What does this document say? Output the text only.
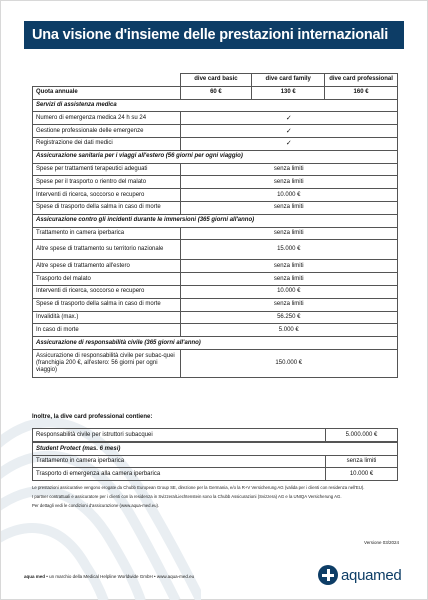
Una visione d'insieme delle prestazioni internazionali
	dive card basic	dive card family	dive card professional
Quota annuale	60 €	130 €	160 €
Servizi di assistenza medica			
Numero di emergenza medica 24 h su 24	✓		
Gestione professionale delle emergenze	✓		
Registrazione dei dati medici	✓		
Assicurazione sanitaria per i viaggi all'estero (56 giorni per ogni viaggio)			
Spese per trattamenti terapeutici adeguati	senza limiti		
Spese per il trasporto o rientro del malato	senza limiti		
Interventi di ricerca, soccorso e recupero	10.000 €		
Spese di trasporto della salma in caso di morte	senza limiti		
Assicurazione contro gli incidenti durante le immersioni (365 giorni all'anno)			
Trattamento in camera iperbarica	senza limiti		
Altre spese di trattamento su territorio nazionale	15.000 €		
Altre spese di trattamento all'estero	senza limiti		
Trasporto del malato	senza limiti		
Interventi di ricerca, soccorso e recupero	10.000 €		
Spese di trasporto della salma in caso di morte	senza limiti		
Invalidità (max.)	56.250 €		
In caso di morte	5.000 €		
Assicurazione di responsabilità civile (365 giorni all'anno)			
Assicurazione di responsabilità civile per subac-quei (franchigia 200 €, all'estero: 56 giorni per ogni viaggio)	150.000 €		
Inoltre, la dive card professional contiene:
Responsabilità civile per istruttori subacquei	5.000.000 €
Student Protect (mas. 6 mesi)	
Trattamento in camera iperbarica	senza limiti
Trasporto di emergenza alla camera iperbarica	10.000 €

Le prestazioni assicurative vengono erogate da Chubb European Group SE, direzione per la Germania, e/o la R+V Versicherung AG (valida per i clienti con residenza nell'EU).

I partner contrattuali e assicuratore per i clienti con la residenza in Svizzera/Liechtenstein sono la Chubb Assicurazioni (Svizzera) AG e la UNIQA Versicherung AG.

Per dettagli vedi le condizioni d'assicurazione (www.aqua-med.eu).

Versione 03/2024
aqua med • un marchio della Medical Helpline Worldwide GmbH • www.aqua-med.eu	aquamed
